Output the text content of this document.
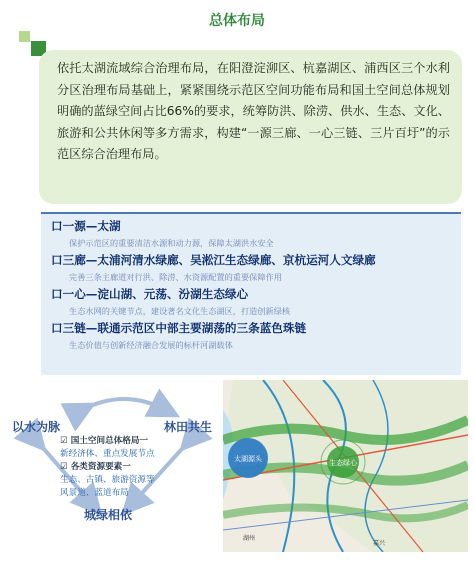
总体布局

依托太湖流域综合治理布局，在阳澄淀泖区、杭嘉湖区、浦西区三个水利分区治理布局基础上，紧紧围绕示范区空间功能布局和国土空间总体规划明确的蓝绿空间占比66%的要求，统筹防洪、除涝、供水、生态、文化、旅游和公共休闲等多方需求，构建“一源三廊、一心三链、三片百圩”的示范区综合治理布局。

口一源—太湖
保护示范区的重要清洁水源和动力源，保障太湖洪水安全
口三廊—太浦河清水绿廊、吴淞江生态绿廊、京杭运河人文绿廊
完善三条主廊道对行洪、除涝、水资源配置的重要保障作用
口一心—淀山湖、元荡、汾湖生态绿心
生态水网的关键节点，建设著名文化生态湖区，打造创新绿核
口三链—联通示范区中部主要湖荡的三条蓝色珠链
生态价值与创新经济融合发展的标杆河湖载体
以水为脉	林田共生
城绿相依
☑ 国土空间总体格局一
新经济体、重点发展节点
☑ 各类资源要素一
生态、古镇、旅游资源等
风景道、蓝道布局
太湖源头	生态绿心
湖州
嘉兴
